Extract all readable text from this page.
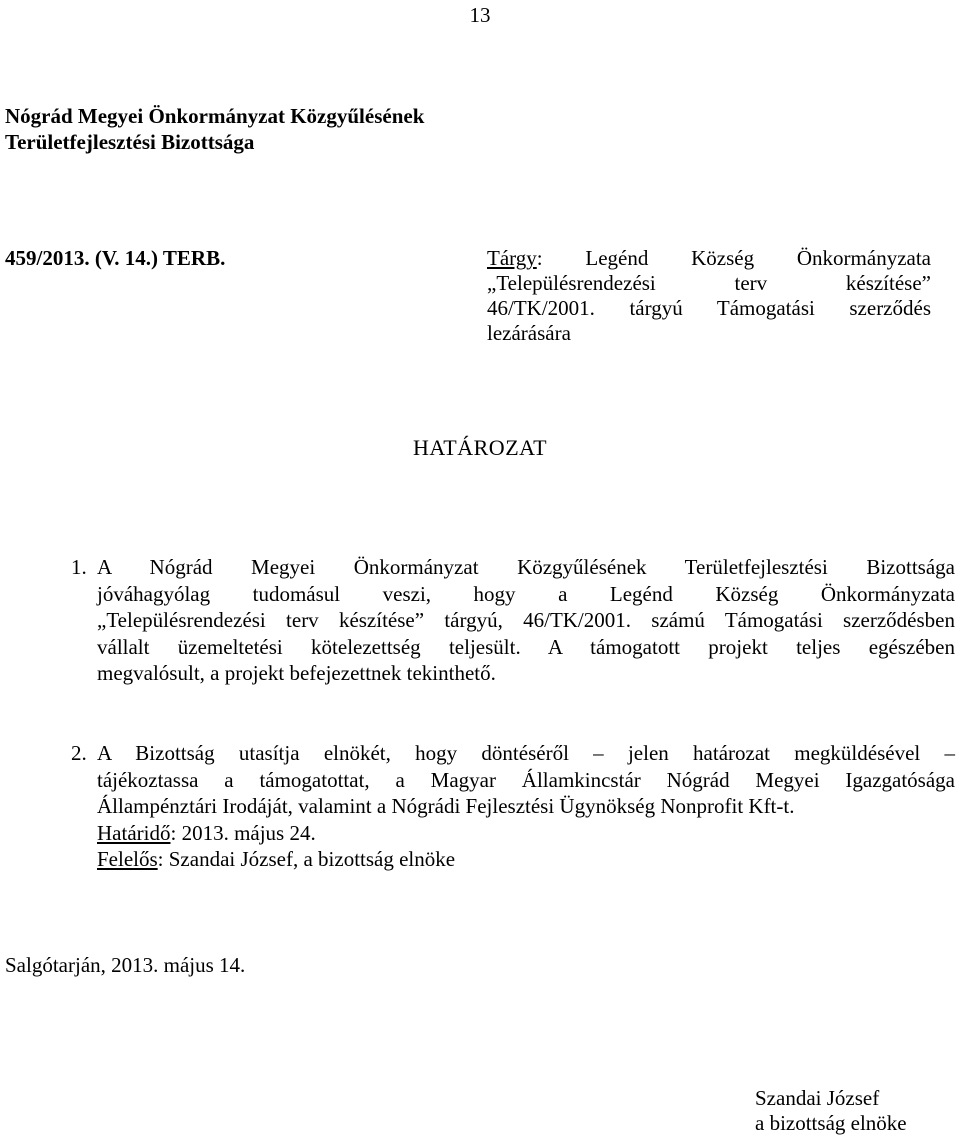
13
Nógrád Megyei Önkormányzat Közgyűlésének
Területfejlesztési Bizottsága
459/2013. (V. 14.) TERB.	Tárgy: Legénd Község Önkormányzata
„Településrendezési terv készítése”
46/TK/2001. tárgyú Támogatási szerződés
lezárására
HATÁROZAT
1. A Nógrád Megyei Önkormányzat Közgyűlésének Területfejlesztési Bizottsága
jóváhagyólag tudomásul veszi, hogy a Legénd Község Önkormányzata
„Településrendezési terv készítése” tárgyú, 46/TK/2001. számú Támogatási szerződésben
vállalt üzemeltetési kötelezettség teljesült. A támogatott projekt teljes egészében
megvalósult, a projekt befejezettnek tekinthető.
2. A Bizottság utasítja elnökét, hogy döntéséről – jelen határozat megküldésével –
tájékoztassa a támogatottat, a Magyar Államkincstár Nógrád Megyei Igazgatósága
Állampénztári Irodáját, valamint a Nógrádi Fejlesztési Ügynökség Nonprofit Kft-t.
Határidő: 2013. május 24.
Felelős: Szandai József, a bizottság elnöke
Salgótarján, 2013. május 14.
Szandai József
a bizottság elnöke
